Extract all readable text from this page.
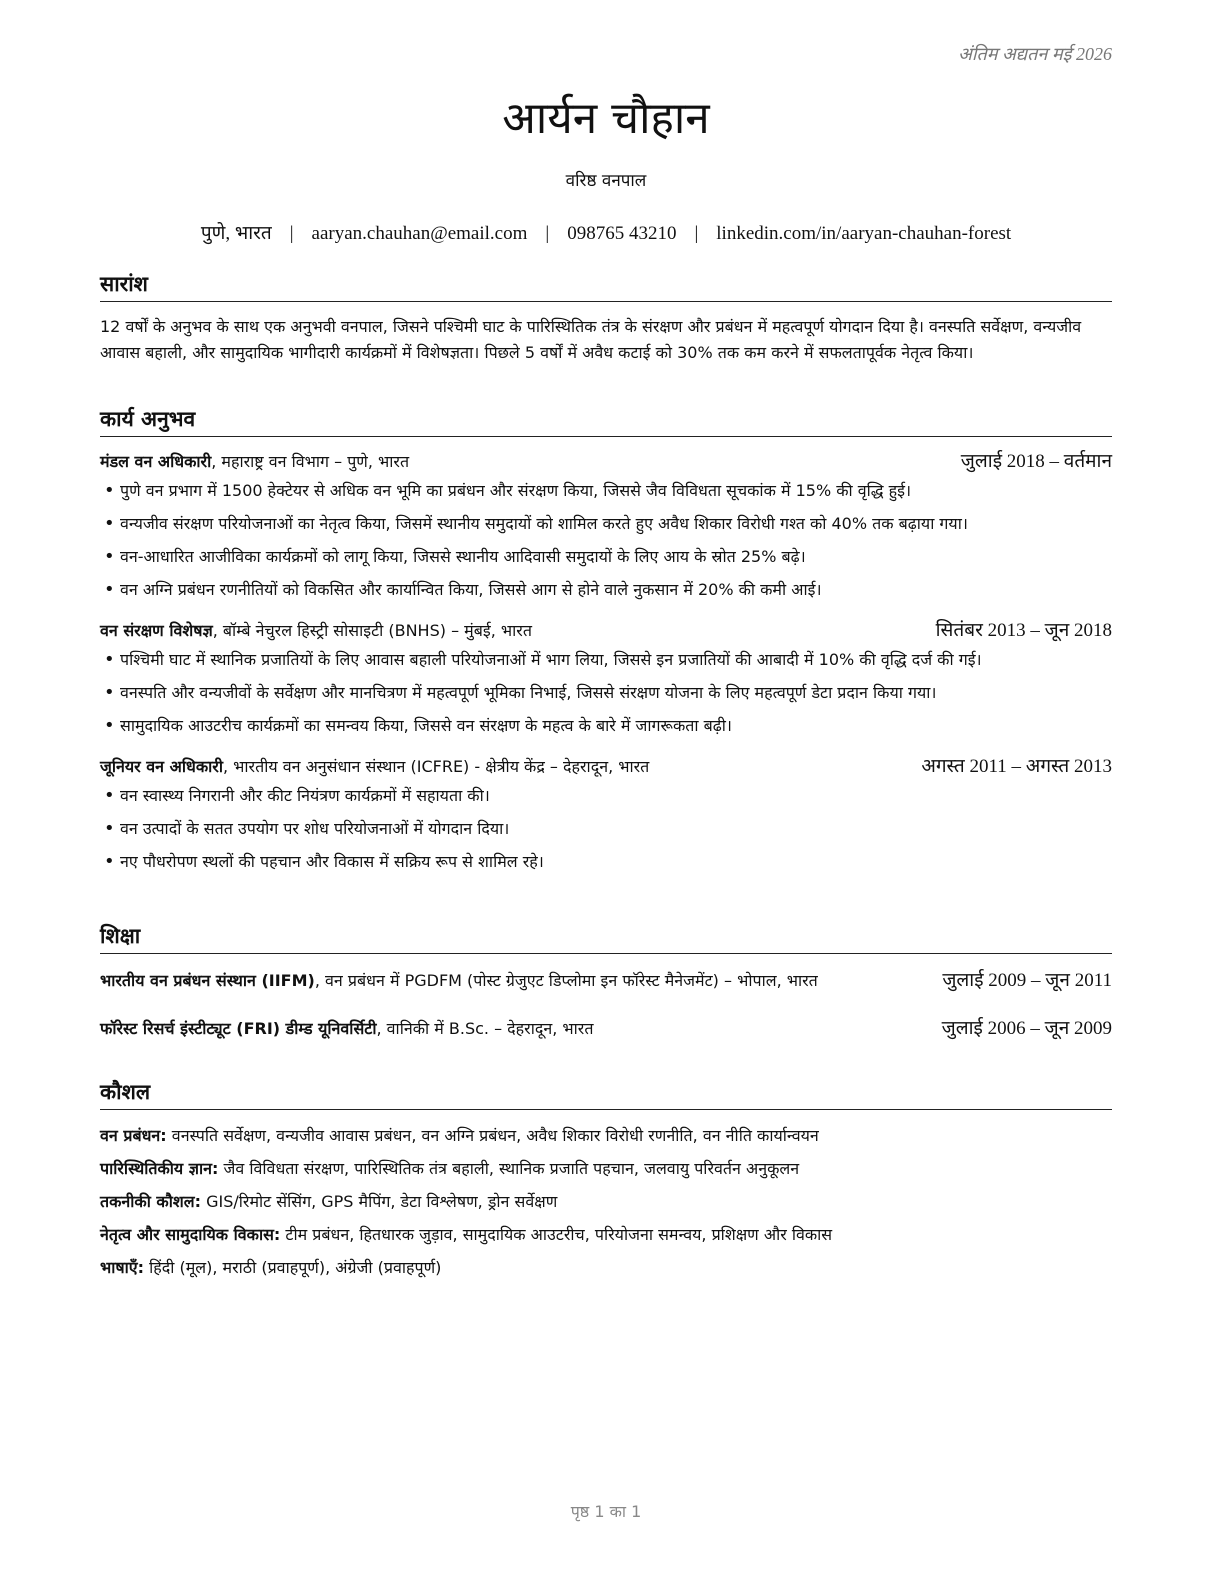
अंतिम अद्यतन मई 2026
आर्यन चौहान
वरिष्ठ वनपाल
पुणे, भारत | aaryan.chauhan@email.com | 098765 43210 | linkedin.com/in/aaryan-chauhan-forest
सारांश
12 वर्षों के अनुभव के साथ एक अनुभवी वनपाल, जिसने पश्चिमी घाट के पारिस्थितिक तंत्र के संरक्षण और प्रबंधन में महत्वपूर्ण योगदान दिया है। वनस्पति सर्वेक्षण, वन्यजीव आवास बहाली, और सामुदायिक भागीदारी कार्यक्रमों में विशेषज्ञता। पिछले 5 वर्षों में अवैध कटाई को 30% तक कम करने में सफलतापूर्वक नेतृत्व किया।
कार्य अनुभव
मंडल वन अधिकारी, महाराष्ट्र वन विभाग – पुणे, भारत	जुलाई 2018 – वर्तमान
• पुणे वन प्रभाग में 1500 हेक्टेयर से अधिक वन भूमि का प्रबंधन और संरक्षण किया, जिससे जैव विविधता सूचकांक में 15% की वृद्धि हुई।
• वन्यजीव संरक्षण परियोजनाओं का नेतृत्व किया, जिसमें स्थानीय समुदायों को शामिल करते हुए अवैध शिकार विरोधी गश्त को 40% तक बढ़ाया गया।
• वन-आधारित आजीविका कार्यक्रमों को लागू किया, जिससे स्थानीय आदिवासी समुदायों के लिए आय के स्रोत 25% बढ़े।
• वन अग्नि प्रबंधन रणनीतियों को विकसित और कार्यान्वित किया, जिससे आग से होने वाले नुकसान में 20% की कमी आई।
वन संरक्षण विशेषज्ञ, बॉम्बे नेचुरल हिस्ट्री सोसाइटी (BNHS) – मुंबई, भारत	सितंबर 2013 – जून 2018
• पश्चिमी घाट में स्थानिक प्रजातियों के लिए आवास बहाली परियोजनाओं में भाग लिया, जिससे इन प्रजातियों की आबादी में 10% की वृद्धि दर्ज की गई।
• वनस्पति और वन्यजीवों के सर्वेक्षण और मानचित्रण में महत्वपूर्ण भूमिका निभाई, जिससे संरक्षण योजना के लिए महत्वपूर्ण डेटा प्रदान किया गया।
• सामुदायिक आउटरीच कार्यक्रमों का समन्वय किया, जिससे वन संरक्षण के महत्व के बारे में जागरूकता बढ़ी।
जूनियर वन अधिकारी, भारतीय वन अनुसंधान संस्थान (ICFRE) - क्षेत्रीय केंद्र – देहरादून, भारत	अगस्त 2011 – अगस्त 2013
• वन स्वास्थ्य निगरानी और कीट नियंत्रण कार्यक्रमों में सहायता की।
• वन उत्पादों के सतत उपयोग पर शोध परियोजनाओं में योगदान दिया।
• नए पौधरोपण स्थलों की पहचान और विकास में सक्रिय रूप से शामिल रहे।
शिक्षा
भारतीय वन प्रबंधन संस्थान (IIFM), वन प्रबंधन में PGDFM (पोस्ट ग्रेजुएट डिप्लोमा इन फॉरेस्ट मैनेजमेंट) – भोपाल, भारत	जुलाई 2009 – जून 2011
फॉरेस्ट रिसर्च इंस्टीट्यूट (FRI) डीम्ड यूनिवर्सिटी, वानिकी में B.Sc. – देहरादून, भारत	जुलाई 2006 – जून 2009
कौशल
वन प्रबंधन: वनस्पति सर्वेक्षण, वन्यजीव आवास प्रबंधन, वन अग्नि प्रबंधन, अवैध शिकार विरोधी रणनीति, वन नीति कार्यान्वयन
पारिस्थितिकीय ज्ञान: जैव विविधता संरक्षण, पारिस्थितिक तंत्र बहाली, स्थानिक प्रजाति पहचान, जलवायु परिवर्तन अनुकूलन
तकनीकी कौशल: GIS/रिमोट सेंसिंग, GPS मैपिंग, डेटा विश्लेषण, ड्रोन सर्वेक्षण
नेतृत्व और सामुदायिक विकास: टीम प्रबंधन, हितधारक जुड़ाव, सामुदायिक आउटरीच, परियोजना समन्वय, प्रशिक्षण और विकास
भाषाएँ: हिंदी (मूल), मराठी (प्रवाहपूर्ण), अंग्रेजी (प्रवाहपूर्ण)
पृष्ठ 1 का 1
